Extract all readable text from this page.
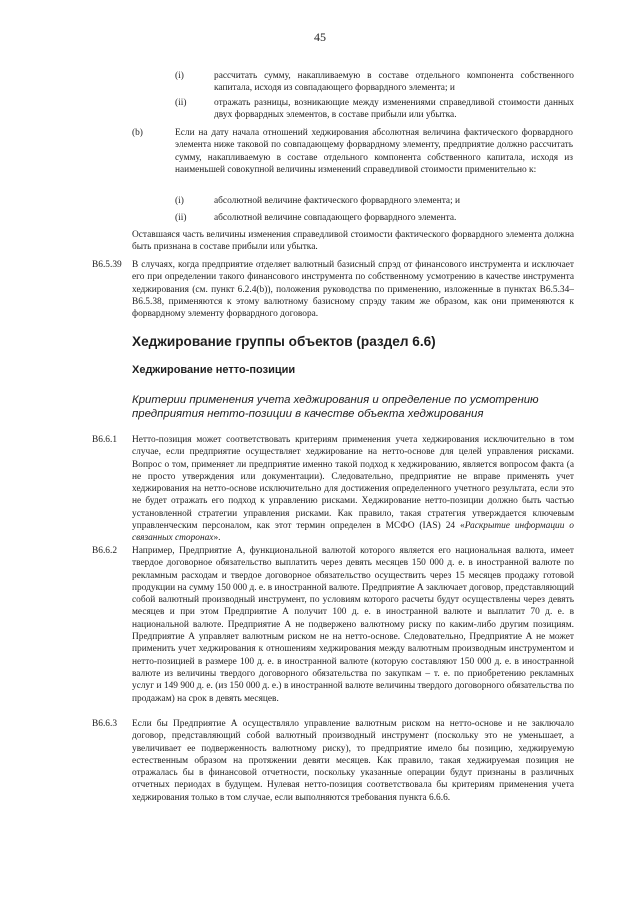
45
(i)	рассчитать сумму, накапливаемую в составе отдельного компонента собственного капитала, исходя из совпадающего форвардного элемента; и
(ii)	отражать разницы, возникающие между изменениями справедливой стоимости данных двух форвардных элементов, в составе прибыли или убытка.
(b)	Если на дату начала отношений хеджирования абсолютная величина фактического форвардного элемента ниже таковой по совпадающему форвардному элементу, предприятие должно рассчитать сумму, накапливаемую в составе отдельного компонента собственного капитала, исходя из наименьшей совокупной величины изменений справедливой стоимости применительно к:
(i)	абсолютной величине фактического форвардного элемента; и
(ii)	абсолютной величине совпадающего форвардного элемента.
Оставшаяся часть величины изменения справедливой стоимости фактического форвардного элемента должна быть признана в составе прибыли или убытка.
B6.5.39 В случаях, когда предприятие отделяет валютный базисный спрэд от финансового инструмента и исключает его при определении такого финансового инструмента по собственному усмотрению в качестве инструмента хеджирования (см. пункт 6.2.4(b)), положения руководства по применению, изложенные в пунктах B6.5.34–B6.5.38, применяются к этому валютному базисному спрэду таким же образом, как они применяются к форвардному элементу форвардного договора.
Хеджирование группы объектов (раздел 6.6)
Хеджирование нетто-позиции
Критерии применения учета хеджирования и определение по усмотрению предприятия нетто-позиции в качестве объекта хеджирования
B6.6.1 Нетто-позиция может соответствовать критериям применения учета хеджирования исключительно в том случае, если предприятие осуществляет хеджирование на нетто-основе для целей управления рисками. Вопрос о том, применяет ли предприятие именно такой подход к хеджированию, является вопросом факта (а не просто утверждения или документации). Следовательно, предприятие не вправе применять учет хеджирования на нетто-основе исключительно для достижения определенного учетного результата, если это не будет отражать его подход к управлению рисками. Хеджирование нетто-позиции должно быть частью установленной стратегии управления рисками. Как правило, такая стратегия утверждается ключевым управленческим персоналом, как этот термин определен в МСФО (IAS) 24 «Раскрытие информации о связанных сторонах».
B6.6.2 Например, Предприятие А, функциональной валютой которого является его национальная валюта, имеет твердое договорное обязательство выплатить через девять месяцев 150 000 д. е. в иностранной валюте по рекламным расходам и твердое договорное обязательство осуществить через 15 месяцев продажу готовой продукции на сумму 150 000 д. е. в иностранной валюте. Предприятие А заключает договор, представляющий собой валютный производный инструмент, по условиям которого расчеты будут осуществлены через девять месяцев и при этом Предприятие А получит 100 д. е. в иностранной валюте и выплатит 70 д. е. в национальной валюте. Предприятие А не подвержено валютному риску по каким-либо другим позициям. Предприятие А управляет валютным риском не на нетто-основе. Следовательно, Предприятие А не может применить учет хеджирования к отношениям хеджирования между валютным производным инструментом и нетто-позицией в размере 100 д. е. в иностранной валюте (которую составляют 150 000 д. е. в иностранной валюте из величины твердого договорного обязательства по закупкам – т. е. по приобретению рекламных услуг и 149 900 д. е. (из 150 000 д. е.) в иностранной валюте величины твердого договорного обязательства по продажам) на срок в девять месяцев.
B6.6.3 Если бы Предприятие А осуществляло управление валютным риском на нетто-основе и не заключало договор, представляющий собой валютный производный инструмент (поскольку это не уменьшает, а увеличивает ее подверженность валютному риску), то предприятие имело бы позицию, хеджируемую естественным образом на протяжении девяти месяцев. Как правило, такая хеджируемая позиция не отражалась бы в финансовой отчетности, поскольку указанные операции будут признаны в различных отчетных периодах в будущем. Нулевая нетто-позиция соответствовала бы критериям применения учета хеджирования только в том случае, если выполняются требования пункта 6.6.6.
